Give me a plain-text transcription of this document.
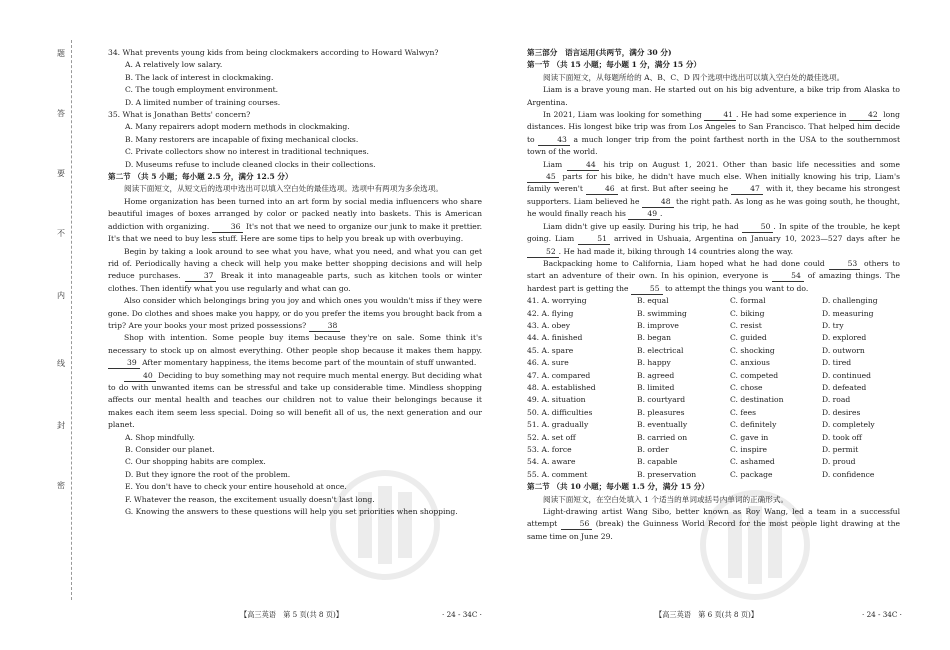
题
答
要
不
内
线
封
密

34. What prevents young kids from being clockmakers according to Howard Walwyn?

A. A relatively low salary.

B. The lack of interest in clockmaking.

C. The tough employment environment.

D. A limited number of training courses.

35. What is Jonathan Betts' concern?

A. Many repairers adopt modern methods in clockmaking.

B. Many restorers are incapable of fixing mechanical clocks.

C. Private collectors show no interest in traditional techniques.

D. Museums refuse to include cleaned clocks in their collections.

第二节 （共 5 小题；每小题 2.5 分，满分 12.5 分）

阅读下面短文，从短文后的选项中选出可以填入空白处的最佳选项。选项中有两项为多余选项。

Home organization has been turned into an art form by social media influencers who share beautiful images of boxes arranged by color or packed neatly into baskets. This is American addiction with organizing.	36 It's not that we need to organize our junk to make it prettier. It's that we need to buy less stuff. Here are some tips to help you break up with overbuying.

Begin by taking a look around to see what you have, what you need, and what you can get rid of. Periodically having a check will help you make better shopping decisions and will help reduce purchases.	37 Break it into manageable parts, such as kitchen tools or winter clothes. Then identify what you use regularly and what can go.

Also consider which belongings bring you joy and which ones you wouldn't miss if they were gone. Do clothes and shoes make you happy, or do you prefer the items you brought back from a trip? Are your books your most prized possessions?	38

Shop with intention. Some people buy items because they're on sale. Some think it's necessary to stock up on almost everything. Other people shop because it makes them happy. 39 After momentary happiness, the items become part of the mountain of stuff unwanted.

40 Deciding to buy something may not require much mental energy. But deciding what to do with unwanted items can be stressful and take up considerable time. Mindless shopping affects our mental health and teaches our children not to value their belongings because it makes each item seem less special. Doing so will benefit all of us, the next generation and our planet.

A. Shop mindfully.

B. Consider our planet.

C. Our shopping habits are complex.

D. But they ignore the root of the problem.

E. You don't have to check your entire household at once.

F. Whatever the reason, the excitement usually doesn't last long.

G. Knowing the answers to these questions will help you set priorities when shopping.

第三部分　语言运用(共两节，满分 30 分)

第一节 （共 15 小题；每小题 1 分，满分 15 分）

阅读下面短文，从每题所给的 A、B、C、D 四个选项中选出可以填入空白处的最佳选项。

Liam is a brave young man. He started out on his big adventure, a bike trip from Alaska to Argentina.

In 2021, Liam was looking for something	41 . He had some experience in	42 long distances. His longest bike trip was from Los Angeles to San Francisco. That helped him decide to	43 a much longer trip from the point farthest north in the USA to the southernmost town of the world.

Liam	44 his trip on August 1, 2021. Other than basic life necessities and some 45 parts for his bike, he didn't have much else. When initially knowing his trip, Liam's family weren't	46 at first. But after seeing he	47 with it, they became his strongest supporters. Liam believed he	48 the right path. As long as he was going south, he thought, he would finally reach his	49 .

Liam didn't give up easily. During his trip, he had	50 . In spite of the trouble, he kept going. Liam	51 arrived in Ushuaia, Argentina on January 10, 2023—527 days after he 52 . He had made it, biking through 14 countries along the way.

Backpacking home to California, Liam hoped what he had done could	53 others to start an adventure of their own. In his opinion, everyone is	54 of amazing things. The hardest part is getting the	55 to attempt the things you want to do.

41. A. worrying	B. equal	C. formal	D. challenging
42. A. flying	B. swimming	C. biking	D. measuring
43. A. obey	B. improve	C. resist	D. try
44. A. finished	B. began	C. guided	D. explored
45. A. spare	B. electrical	C. shocking	D. outworn
46. A. sure	B. happy	C. anxious	D. tired
47. A. compared	B. agreed	C. competed	D. continued
48. A. established	B. limited	C. chose	D. defeated
49. A. situation	B. courtyard	C. destination	D. road
50. A. difficulties	B. pleasures	C. fees	D. desires
51. A. gradually	B. eventually	C. definitely	D. completely
52. A. set off	B. carried on	C. gave in	D. took off
53. A. force	B. order	C. inspire	D. permit
54. A. aware	B. capable	C. ashamed	D. proud
55. A. comment	B. preservation	C. package	D. confidence

第二节 （共 10 小题；每小题 1.5 分，满分 15 分）

阅读下面短文，在空白处填入 1 个适当的单词或括号内单词的正确形式。

Light-drawing artist Wang Sibo, better known as Roy Wang, led a team in a successful attempt	56 (break) the Guinness World Record for the most people light drawing at the same time on June 29.

【高三英语　第 5 页(共 8 页)】	· 24 - 34C ·	【高三英语　第 6 页(共 8 页)】	· 24 - 34C ·
